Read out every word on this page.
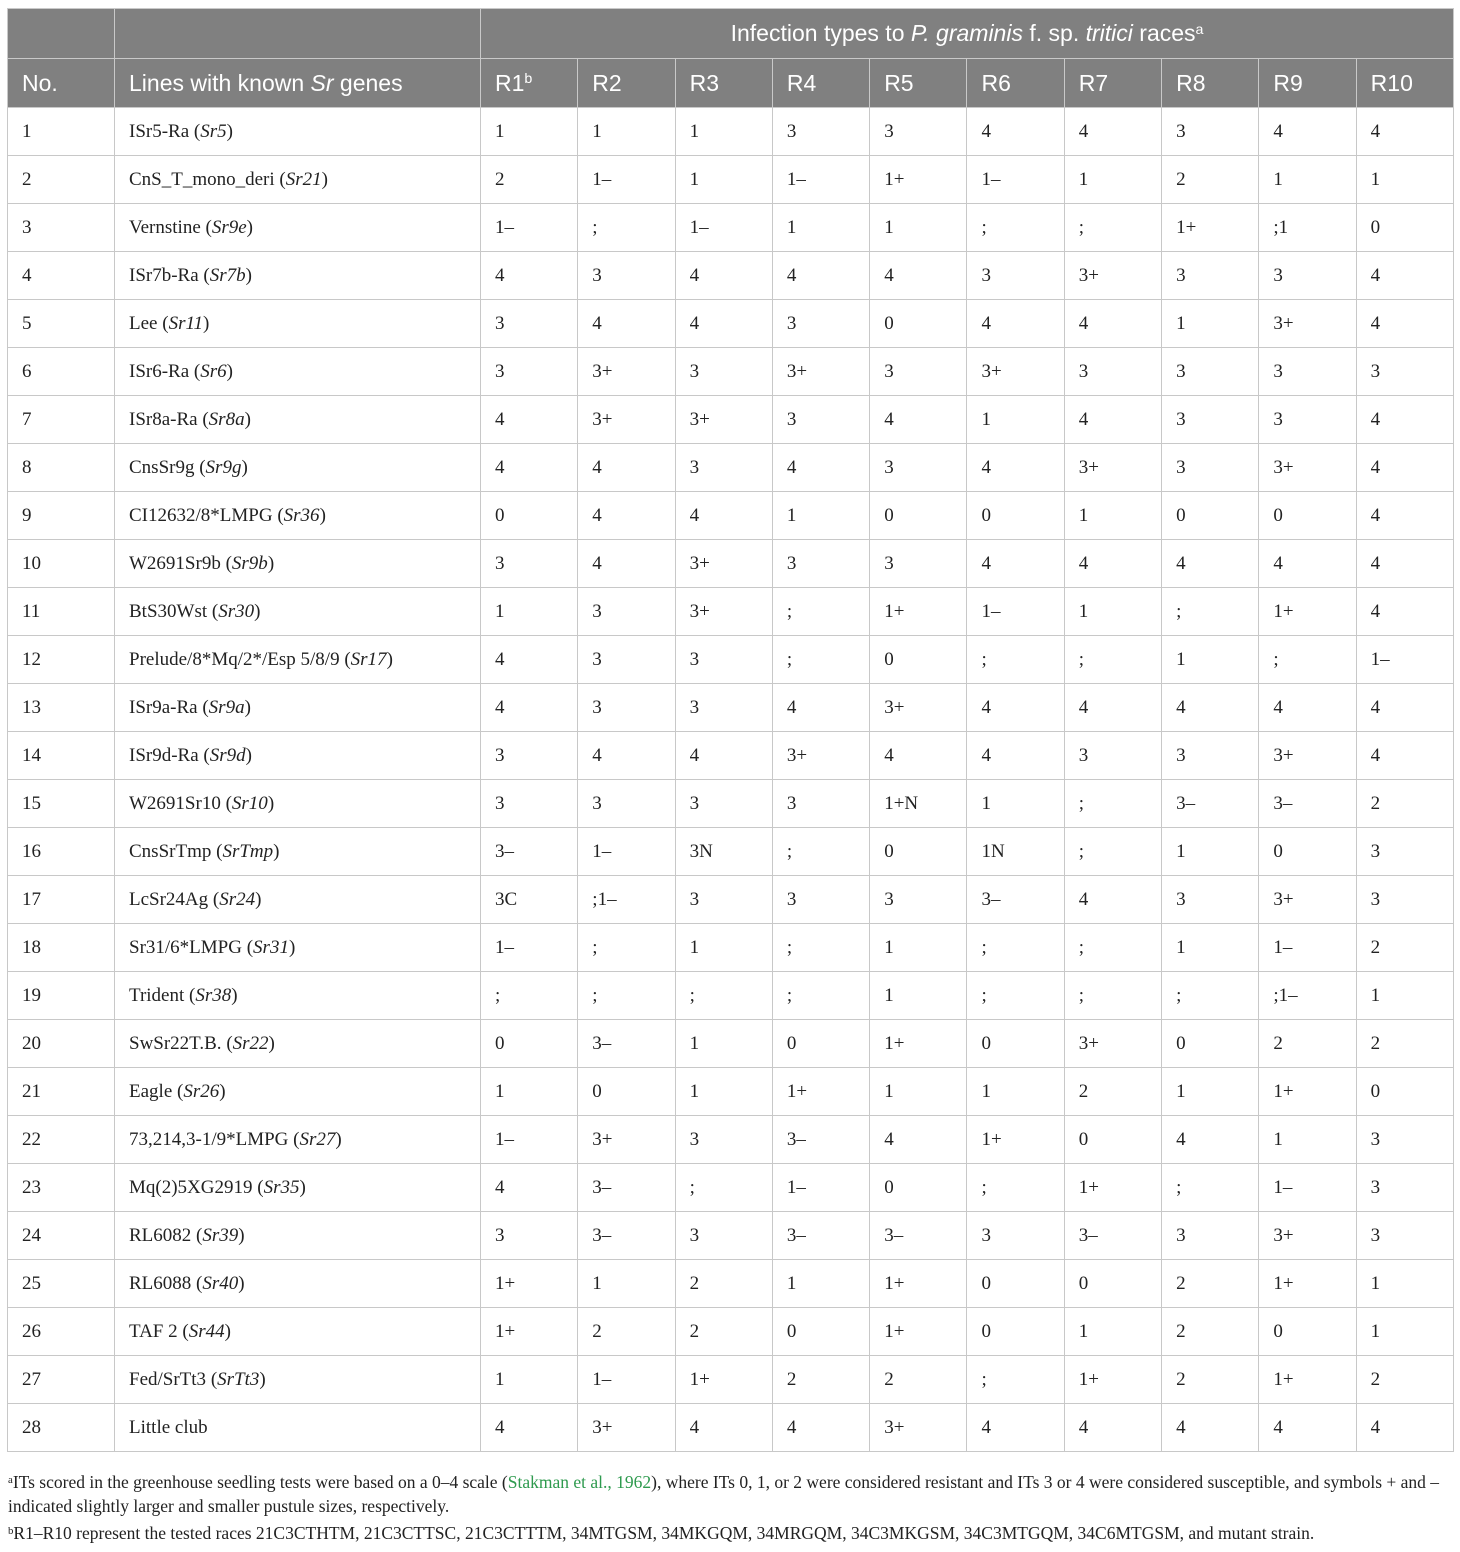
		Infection types to P. graminis f. sp. tritici races$^a$
No.	Lines with known Sr genes	R1$^b$	R2	R3	R4	R5	R6	R7	R8	R9	R10
1	ISr5-Ra (Sr5)	1	1	1	3	3	4	4	3	4	4
2	CnS_T_mono_deri (Sr21)	2	1–	1	1–	1+	1–	1	2	1	1
3	Vernstine (Sr9e)	1–	;	1–	1	1	;	;	1+	;1	0
4	ISr7b-Ra (Sr7b)	4	3	4	4	4	3	3+	3	3	4
5	Lee (Sr11)	3	4	4	3	0	4	4	1	3+	4
6	ISr6-Ra (Sr6)	3	3+	3	3+	3	3+	3	3	3	3
7	ISr8a-Ra (Sr8a)	4	3+	3+	3	4	1	4	3	3	4
8	CnsSr9g (Sr9g)	4	4	3	4	3	4	3+	3	3+	4
9	CI12632/8*LMPG (Sr36)	0	4	4	1	0	0	1	0	0	4
10	W2691Sr9b (Sr9b)	3	4	3+	3	3	4	4	4	4	4
11	BtS30Wst (Sr30)	1	3	3+	;	1+	1–	1	;	1+	4
12	Prelude/8*Mq/2*/Esp 5/8/9 (Sr17)	4	3	3	;	0	;	;	1	;	1–
13	ISr9a-Ra (Sr9a)	4	3	3	4	3+	4	4	4	4	4
14	ISr9d-Ra (Sr9d)	3	4	4	3+	4	4	3	3	3+	4
15	W2691Sr10 (Sr10)	3	3	3	3	1+N	1	;	3–	3–	2
16	CnsSrTmp (SrTmp)	3–	1–	3N	;	0	1N	;	1	0	3
17	LcSr24Ag (Sr24)	3C	;1–	3	3	3	3–	4	3	3+	3
18	Sr31/6*LMPG (Sr31)	1–	;	1	;	1	;	;	1	1–	2
19	Trident (Sr38)	;	;	;	;	1	;	;	;	;1–	1
20	SwSr22T.B. (Sr22)	0	3–	1	0	1+	0	3+	0	2	2
21	Eagle (Sr26)	1	0	1	1+	1	1	2	1	1+	0
22	73,214,3-1/9*LMPG (Sr27)	1–	3+	3	3–	4	1+	0	4	1	3
23	Mq(2)5XG2919 (Sr35)	4	3–	;	1–	0	;	1+	;	1–	3
24	RL6082 (Sr39)	3	3–	3	3–	3–	3	3–	3	3+	3
25	RL6088 (Sr40)	1+	1	2	1	1+	0	0	2	1+	1
26	TAF 2 (Sr44)	1+	2	2	0	1+	0	1	2	0	1
27	Fed/SrTt3 (SrTt3)	1	1–	1+	2	2	;	1+	2	1+	2
28	Little club	4	3+	4	4	3+	4	4	4	4	4

$^a$ITs scored in the greenhouse seedling tests were based on a 0–4 scale (Stakman et al., 1962), where ITs 0, 1, or 2 were considered resistant and ITs 3 or 4 were considered susceptible, and symbols + and – indicated slightly larger and smaller pustule sizes, respectively.

$^b$R1–R10 represent the tested races 21C3CTHTM, 21C3CTTSC, 21C3CTTTM, 34MTGSM, 34MKGQM, 34MRGQM, 34C3MKGSM, 34C3MTGQM, 34C6MTGSM, and mutant strain.
